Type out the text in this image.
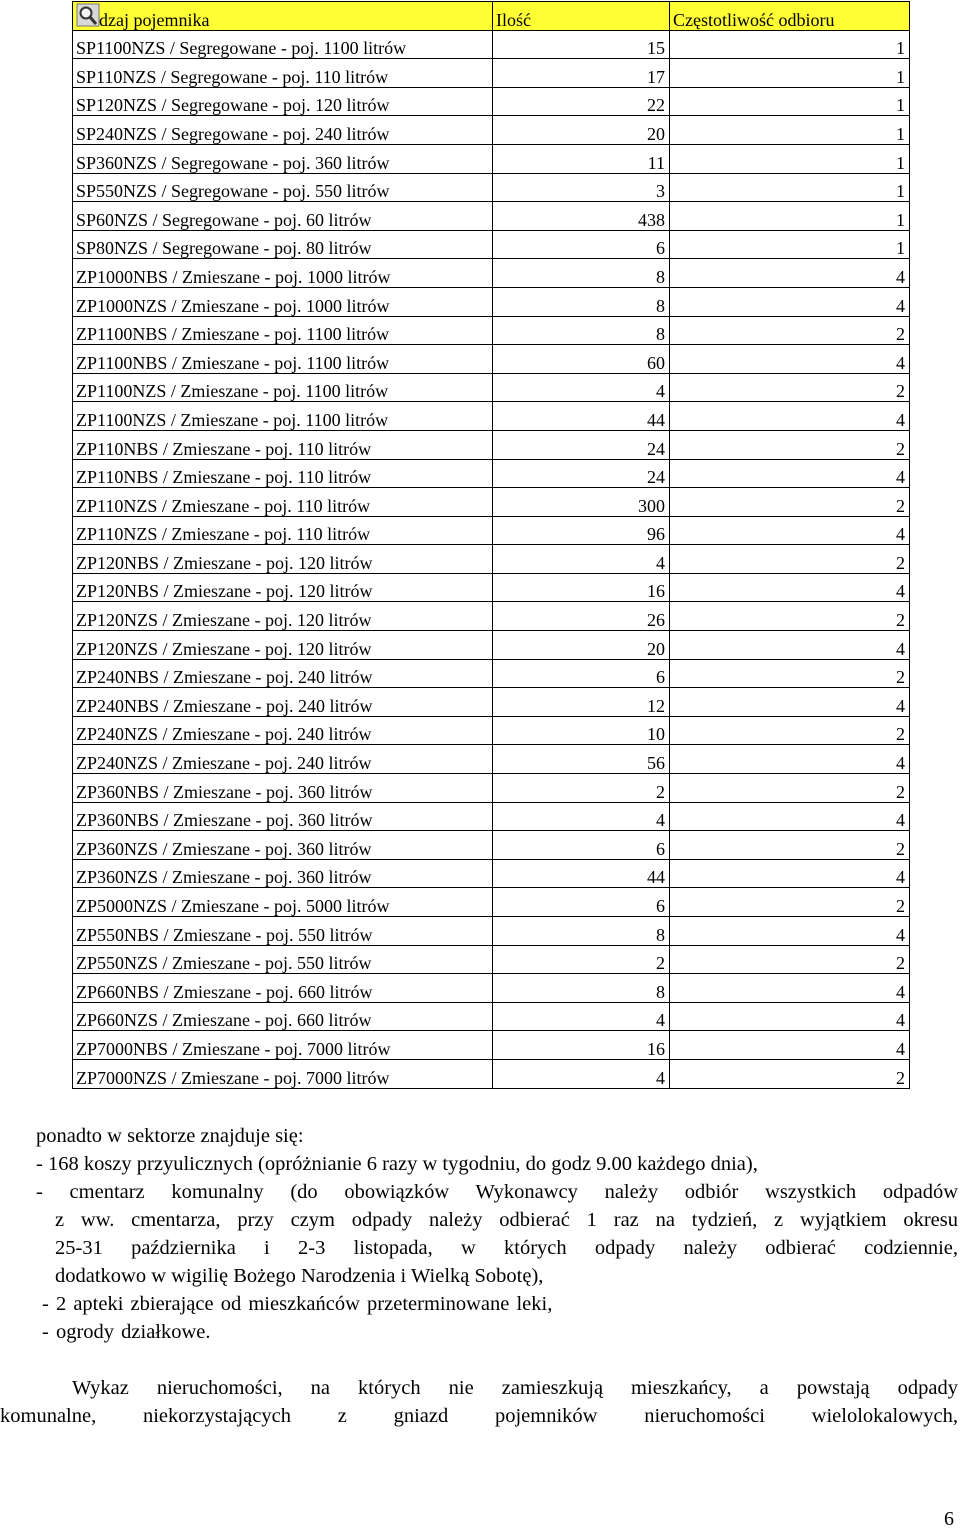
dzaj pojemnika	Ilość	Częstotliwość odbioru
SP1100NZS / Segregowane - poj. 1100 litrów	15	1
SP110NZS / Segregowane - poj. 110 litrów	17	1
SP120NZS / Segregowane - poj. 120 litrów	22	1
SP240NZS / Segregowane - poj. 240 litrów	20	1
SP360NZS / Segregowane - poj. 360 litrów	11	1
SP550NZS / Segregowane - poj. 550 litrów	3	1
SP60NZS / Segregowane - poj. 60 litrów	438	1
SP80NZS / Segregowane - poj. 80 litrów	6	1
ZP1000NBS / Zmieszane - poj. 1000 litrów	8	4
ZP1000NZS / Zmieszane - poj. 1000 litrów	8	4
ZP1100NBS / Zmieszane - poj. 1100 litrów	8	2
ZP1100NBS / Zmieszane - poj. 1100 litrów	60	4
ZP1100NZS / Zmieszane - poj. 1100 litrów	4	2
ZP1100NZS / Zmieszane - poj. 1100 litrów	44	4
ZP110NBS / Zmieszane - poj. 110 litrów	24	2
ZP110NBS / Zmieszane - poj. 110 litrów	24	4
ZP110NZS / Zmieszane - poj. 110 litrów	300	2
ZP110NZS / Zmieszane - poj. 110 litrów	96	4
ZP120NBS / Zmieszane - poj. 120 litrów	4	2
ZP120NBS / Zmieszane - poj. 120 litrów	16	4
ZP120NZS / Zmieszane - poj. 120 litrów	26	2
ZP120NZS / Zmieszane - poj. 120 litrów	20	4
ZP240NBS / Zmieszane - poj. 240 litrów	6	2
ZP240NBS / Zmieszane - poj. 240 litrów	12	4
ZP240NZS / Zmieszane - poj. 240 litrów	10	2
ZP240NZS / Zmieszane - poj. 240 litrów	56	4
ZP360NBS / Zmieszane - poj. 360 litrów	2	2
ZP360NBS / Zmieszane - poj. 360 litrów	4	4
ZP360NZS / Zmieszane - poj. 360 litrów	6	2
ZP360NZS / Zmieszane - poj. 360 litrów	44	4
ZP5000NZS / Zmieszane - poj. 5000 litrów	6	2
ZP550NBS / Zmieszane - poj. 550 litrów	8	4
ZP550NZS / Zmieszane - poj. 550 litrów	2	2
ZP660NBS / Zmieszane - poj. 660 litrów	8	4
ZP660NZS / Zmieszane - poj. 660 litrów	4	4
ZP7000NBS / Zmieszane - poj. 7000 litrów	16	4
ZP7000NZS / Zmieszane - poj. 7000 litrów	4	2
ponadto w sektorze znajduje się:
- 168 koszy przyulicznych (opróżnianie 6 razy w tygodniu, do godz 9.00 każdego dnia),
- cmentarz komunalny (do obowiązków Wykonawcy należy odbiór wszystkich odpadów
z ww. cmentarza, przy czym odpady należy odbierać 1 raz na tydzień, z wyjątkiem okresu
25-31 października i 2-3 listopada, w których odpady należy odbierać codziennie,
dodatkowo w wigilię Bożego Narodzenia i Wielką Sobotę),
- 2 apteki zbierające od mieszkańców przeterminowane leki,
- ogrody działkowe.
Wykaz nieruchomości, na których nie zamieszkują mieszkańcy, a powstają odpady
komunalne, niekorzystających z gniazd pojemników nieruchomości wielolokalowych,
6
